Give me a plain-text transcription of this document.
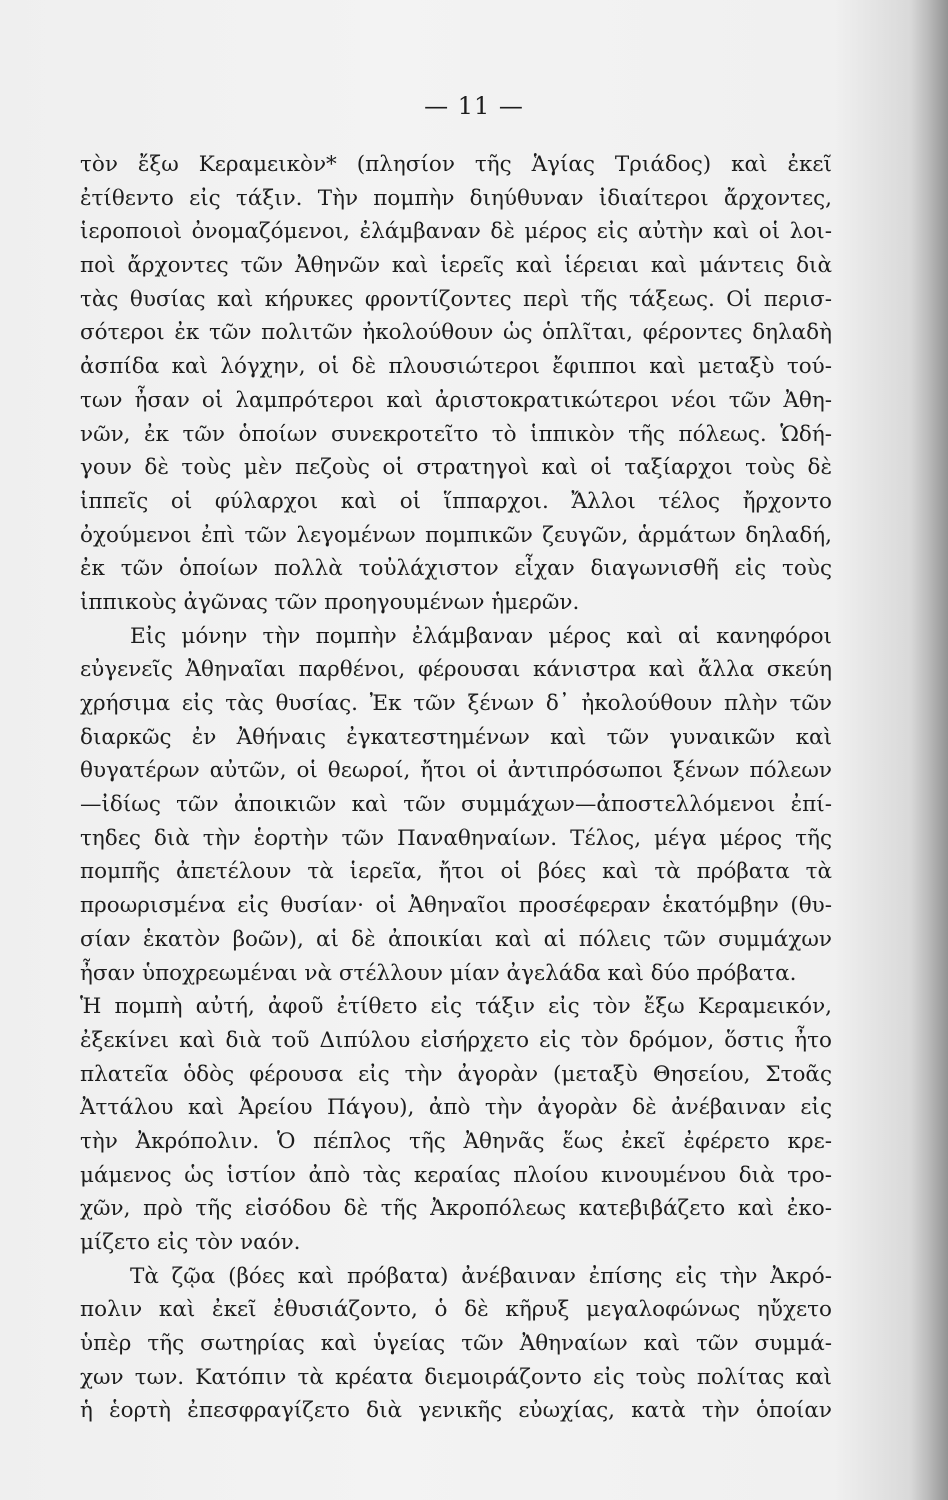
— 11 —
τὸν ἔξω Κεραμεικὸν* (πλησίον τῆς Ἁγίας Τριάδος) καὶ ἐκεῖ
ἐτίθεντο εἰς τάξιν. Τὴν πομπὴν διηύθυναν ἰδιαίτεροι ἄρχοντες,
ἱεροποιοὶ ὀνομαζόμενοι, ἐλάμβαναν δὲ μέρος εἰς αὐτὴν καὶ οἱ λοι-
ποὶ ἄρχοντες τῶν Ἀθηνῶν καὶ ἱερεῖς καὶ ἱέρειαι καὶ μάντεις διὰ
τὰς θυσίας καὶ κήρυκες φροντίζοντες περὶ τῆς τάξεως. Οἱ περισ-
σότεροι ἐκ τῶν πολιτῶν ἠκολούθουν ὡς ὁπλῖται, φέροντες δηλαδὴ
ἀσπίδα καὶ λόγχην, οἱ δὲ πλουσιώτεροι ἔφιπποι καὶ μεταξὺ τού-
των ἦσαν οἱ λαμπρότεροι καὶ ἀριστοκρατικώτεροι νέοι τῶν Ἀθη-
νῶν, ἐκ τῶν ὁποίων συνεκροτεῖτο τὸ ἱππικὸν τῆς πόλεως. Ὡδή-
γουν δὲ τοὺς μὲν πεζοὺς οἱ στρατηγοὶ καὶ οἱ ταξίαρχοι τοὺς δὲ
ἱππεῖς οἱ φύλαρχοι καὶ οἱ ἵππαρχοι. Ἄλλοι τέλος ἤρχοντο
ὀχούμενοι ἐπὶ τῶν λεγομένων πομπικῶν ζευγῶν, ἁρμάτων δηλαδή,
ἐκ τῶν ὁποίων πολλὰ τοὐλάχιστον εἶχαν διαγωνισθῆ εἰς τοὺς
ἱππικοὺς ἀγῶνας τῶν προηγουμένων ἡμερῶν.
Εἰς μόνην τὴν πομπὴν ἐλάμβαναν μέρος καὶ αἱ κανηφόροι
εὐγενεῖς Ἀθηναῖαι παρθένοι, φέρουσαι κάνιστρα καὶ ἄλλα σκεύη
χρήσιμα εἰς τὰς θυσίας. Ἐκ τῶν ξένων δ᾽ ἠκολούθουν πλὴν τῶν
διαρκῶς ἐν Ἀθήναις ἐγκατεστημένων καὶ τῶν γυναικῶν καὶ
θυγατέρων αὐτῶν, οἱ θεωροί, ἤτοι οἱ ἀντιπρόσωποι ξένων πόλεων
—ἰδίως τῶν ἀποικιῶν καὶ τῶν συμμάχων—ἀποστελλόμενοι ἐπί-
τηδες διὰ τὴν ἑορτὴν τῶν Παναθηναίων. Τέλος, μέγα μέρος τῆς
πομπῆς ἀπετέλουν τὰ ἱερεῖα, ἤτοι οἱ βόες καὶ τὰ πρόβατα τὰ
προωρισμένα εἰς θυσίαν· οἱ Ἀθηναῖοι προσέφεραν ἑκατόμβην (θυ-
σίαν ἑκατὸν βοῶν), αἱ δὲ ἀποικίαι καὶ αἱ πόλεις τῶν συμμάχων
ἦσαν ὑποχρεωμέναι νὰ στέλλουν μίαν ἀγελάδα καὶ δύο πρόβατα.
Ἡ πομπὴ αὐτή, ἀφοῦ ἐτίθετο εἰς τάξιν εἰς τὸν ἔξω Κεραμεικόν,
ἐξεκίνει καὶ διὰ τοῦ Διπύλου εἰσήρχετο εἰς τὸν δρόμον, ὅστις ἦτο
πλατεῖα ὁδὸς φέρουσα εἰς τὴν ἀγορὰν (μεταξὺ Θησείου, Στοᾶς
Ἀττάλου καὶ Ἀρείου Πάγου), ἀπὸ τὴν ἀγορὰν δὲ ἀνέβαιναν εἰς
τὴν Ἀκρόπολιν. Ὁ πέπλος τῆς Ἀθηνᾶς ἕως ἐκεῖ ἐφέρετο κρε-
μάμενος ὡς ἱστίον ἀπὸ τὰς κεραίας πλοίου κινουμένου διὰ τρο-
χῶν, πρὸ τῆς εἰσόδου δὲ τῆς Ἀκροπόλεως κατεβιβάζετο καὶ ἐκο-
μίζετο εἰς τὸν ναόν.
Τὰ ζῷα (βόες καὶ πρόβατα) ἀνέβαιναν ἐπίσης εἰς τὴν Ἀκρό-
πολιν καὶ ἐκεῖ ἐθυσιάζοντο, ὁ δὲ κῆρυξ μεγαλοφώνως ηὔχετο
ὑπὲρ τῆς σωτηρίας καὶ ὑγείας τῶν Ἀθηναίων καὶ τῶν συμμά-
χων των. Κατόπιν τὰ κρέατα διεμοιράζοντο εἰς τοὺς πολίτας καὶ
ἡ ἑορτὴ ἐπεσφραγίζετο διὰ γενικῆς εὐωχίας, κατὰ τὴν ὁποίαν
